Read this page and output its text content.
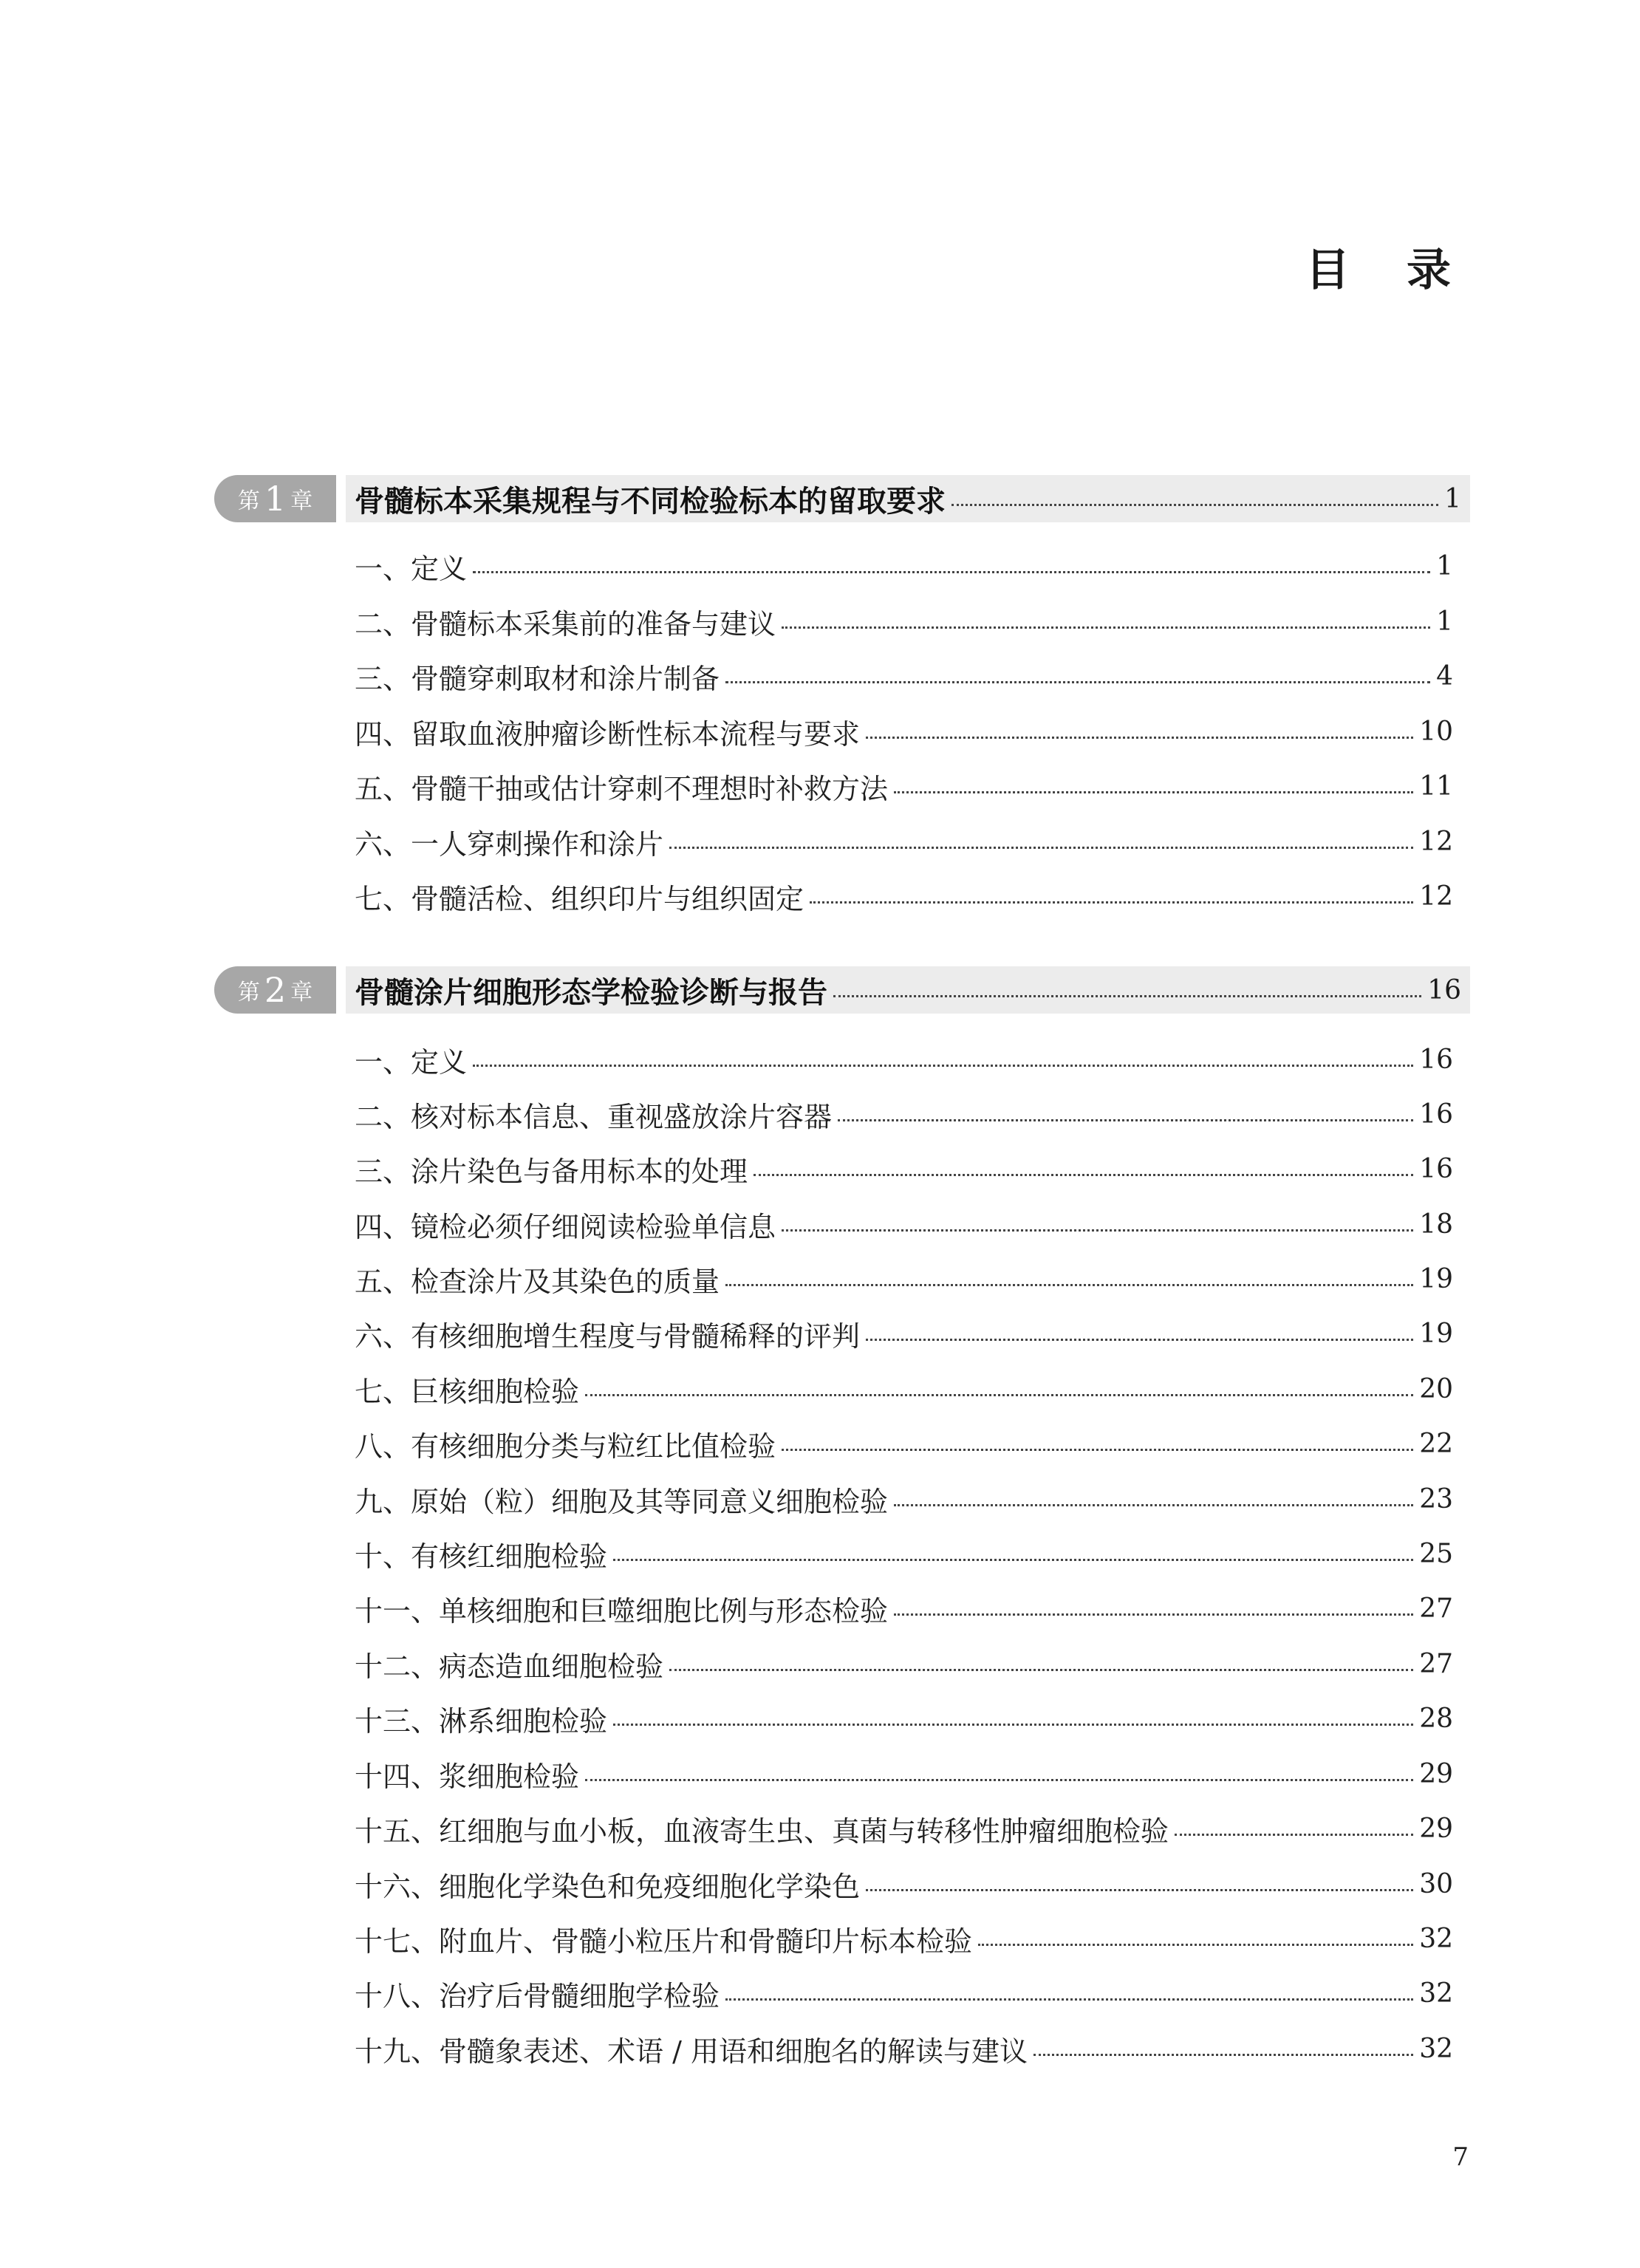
目 录
第 1 章	骨髓标本采集规程与不同检验标本的留取要求	1
一、定义	1
二、骨髓标本采集前的准备与建议	1
三、骨髓穿刺取材和涂片制备	4
四、留取血液肿瘤诊断性标本流程与要求	10
五、骨髓干抽或估计穿刺不理想时补救方法	11
六、一人穿刺操作和涂片	12
七、骨髓活检、组织印片与组织固定	12
第 2 章	骨髓涂片细胞形态学检验诊断与报告	16
一、定义	16
二、核对标本信息、重视盛放涂片容器	16
三、涂片染色与备用标本的处理	16
四、镜检必须仔细阅读检验单信息	18
五、检查涂片及其染色的质量	19
六、有核细胞增生程度与骨髓稀释的评判	19
七、巨核细胞检验	20
八、有核细胞分类与粒红比值检验	22
九、原始（粒）细胞及其等同意义细胞检验	23
十、有核红细胞检验	25
十一、单核细胞和巨噬细胞比例与形态检验	27
十二、病态造血细胞检验	27
十三、淋系细胞检验	28
十四、浆细胞检验	29
十五、红细胞与血小板，血液寄生虫、真菌与转移性肿瘤细胞检验	29
十六、细胞化学染色和免疫细胞化学染色	30
十七、附血片、骨髓小粒压片和骨髓印片标本检验	32
十八、治疗后骨髓细胞学检验	32
十九、骨髓象表述、术语 / 用语和细胞名的解读与建议	32
7
